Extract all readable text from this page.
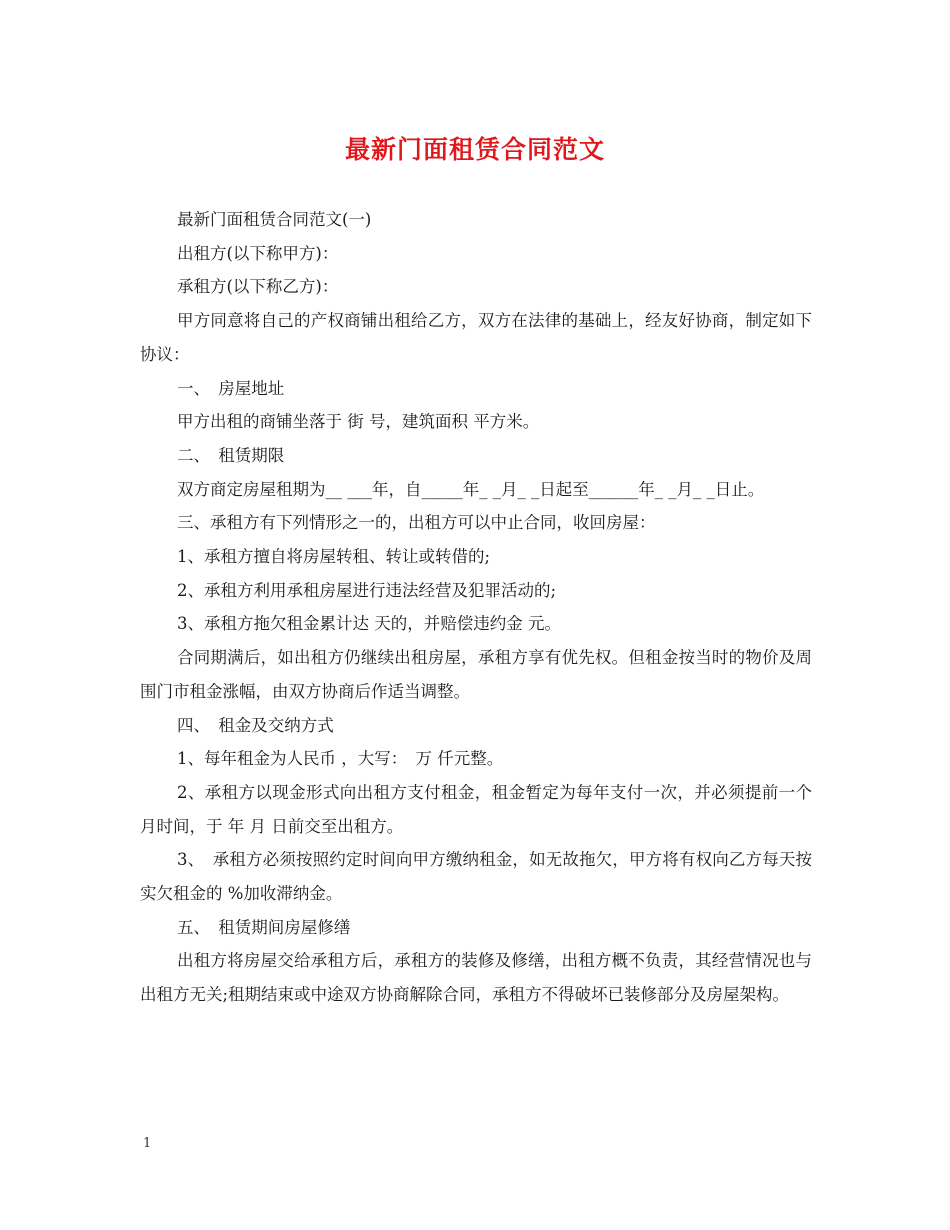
最新门面租赁合同范文

最新门面租赁合同范文(一)

出租方(以下称甲方)：

承租方(以下称乙方)：

甲方同意将自己的产权商铺出租给乙方，双方在法律的基础上，经友好协商，制定如下协议：

一、　房屋地址

甲方出租的商铺坐落于 街 号，建筑面积 平方米。

二、　租赁期限

双方商定房屋租期为__ ___年，自_____年_ _月_ _日起至______年_ _月_ _日止。

三、承租方有下列情形之一的，出租方可以中止合同，收回房屋：

1、承租方擅自将房屋转租、转让或转借的;

2、承租方利用承租房屋进行违法经营及犯罪活动的;

3、承租方拖欠租金累计达 天的，并赔偿违约金 元。

合同期满后，如出租方仍继续出租房屋，承租方享有优先权。但租金按当时的物价及周围门市租金涨幅，由双方协商后作适当调整。

四、　租金及交纳方式

1、每年租金为人民币 ，大写：　万 仟元整。

2、承租方以现金形式向出租方支付租金，租金暂定为每年支付一次，并必须提前一个月时间，于 年 月 日前交至出租方。

3、　承租方必须按照约定时间向甲方缴纳租金，如无故拖欠，甲方将有权向乙方每天按实欠租金的 %加收滞纳金。

五、　租赁期间房屋修缮

出租方将房屋交给承租方后，承租方的装修及修缮，出租方概不负责，其经营情况也与出租方无关;租期结束或中途双方协商解除合同，承租方不得破坏已装修部分及房屋架构。

1
